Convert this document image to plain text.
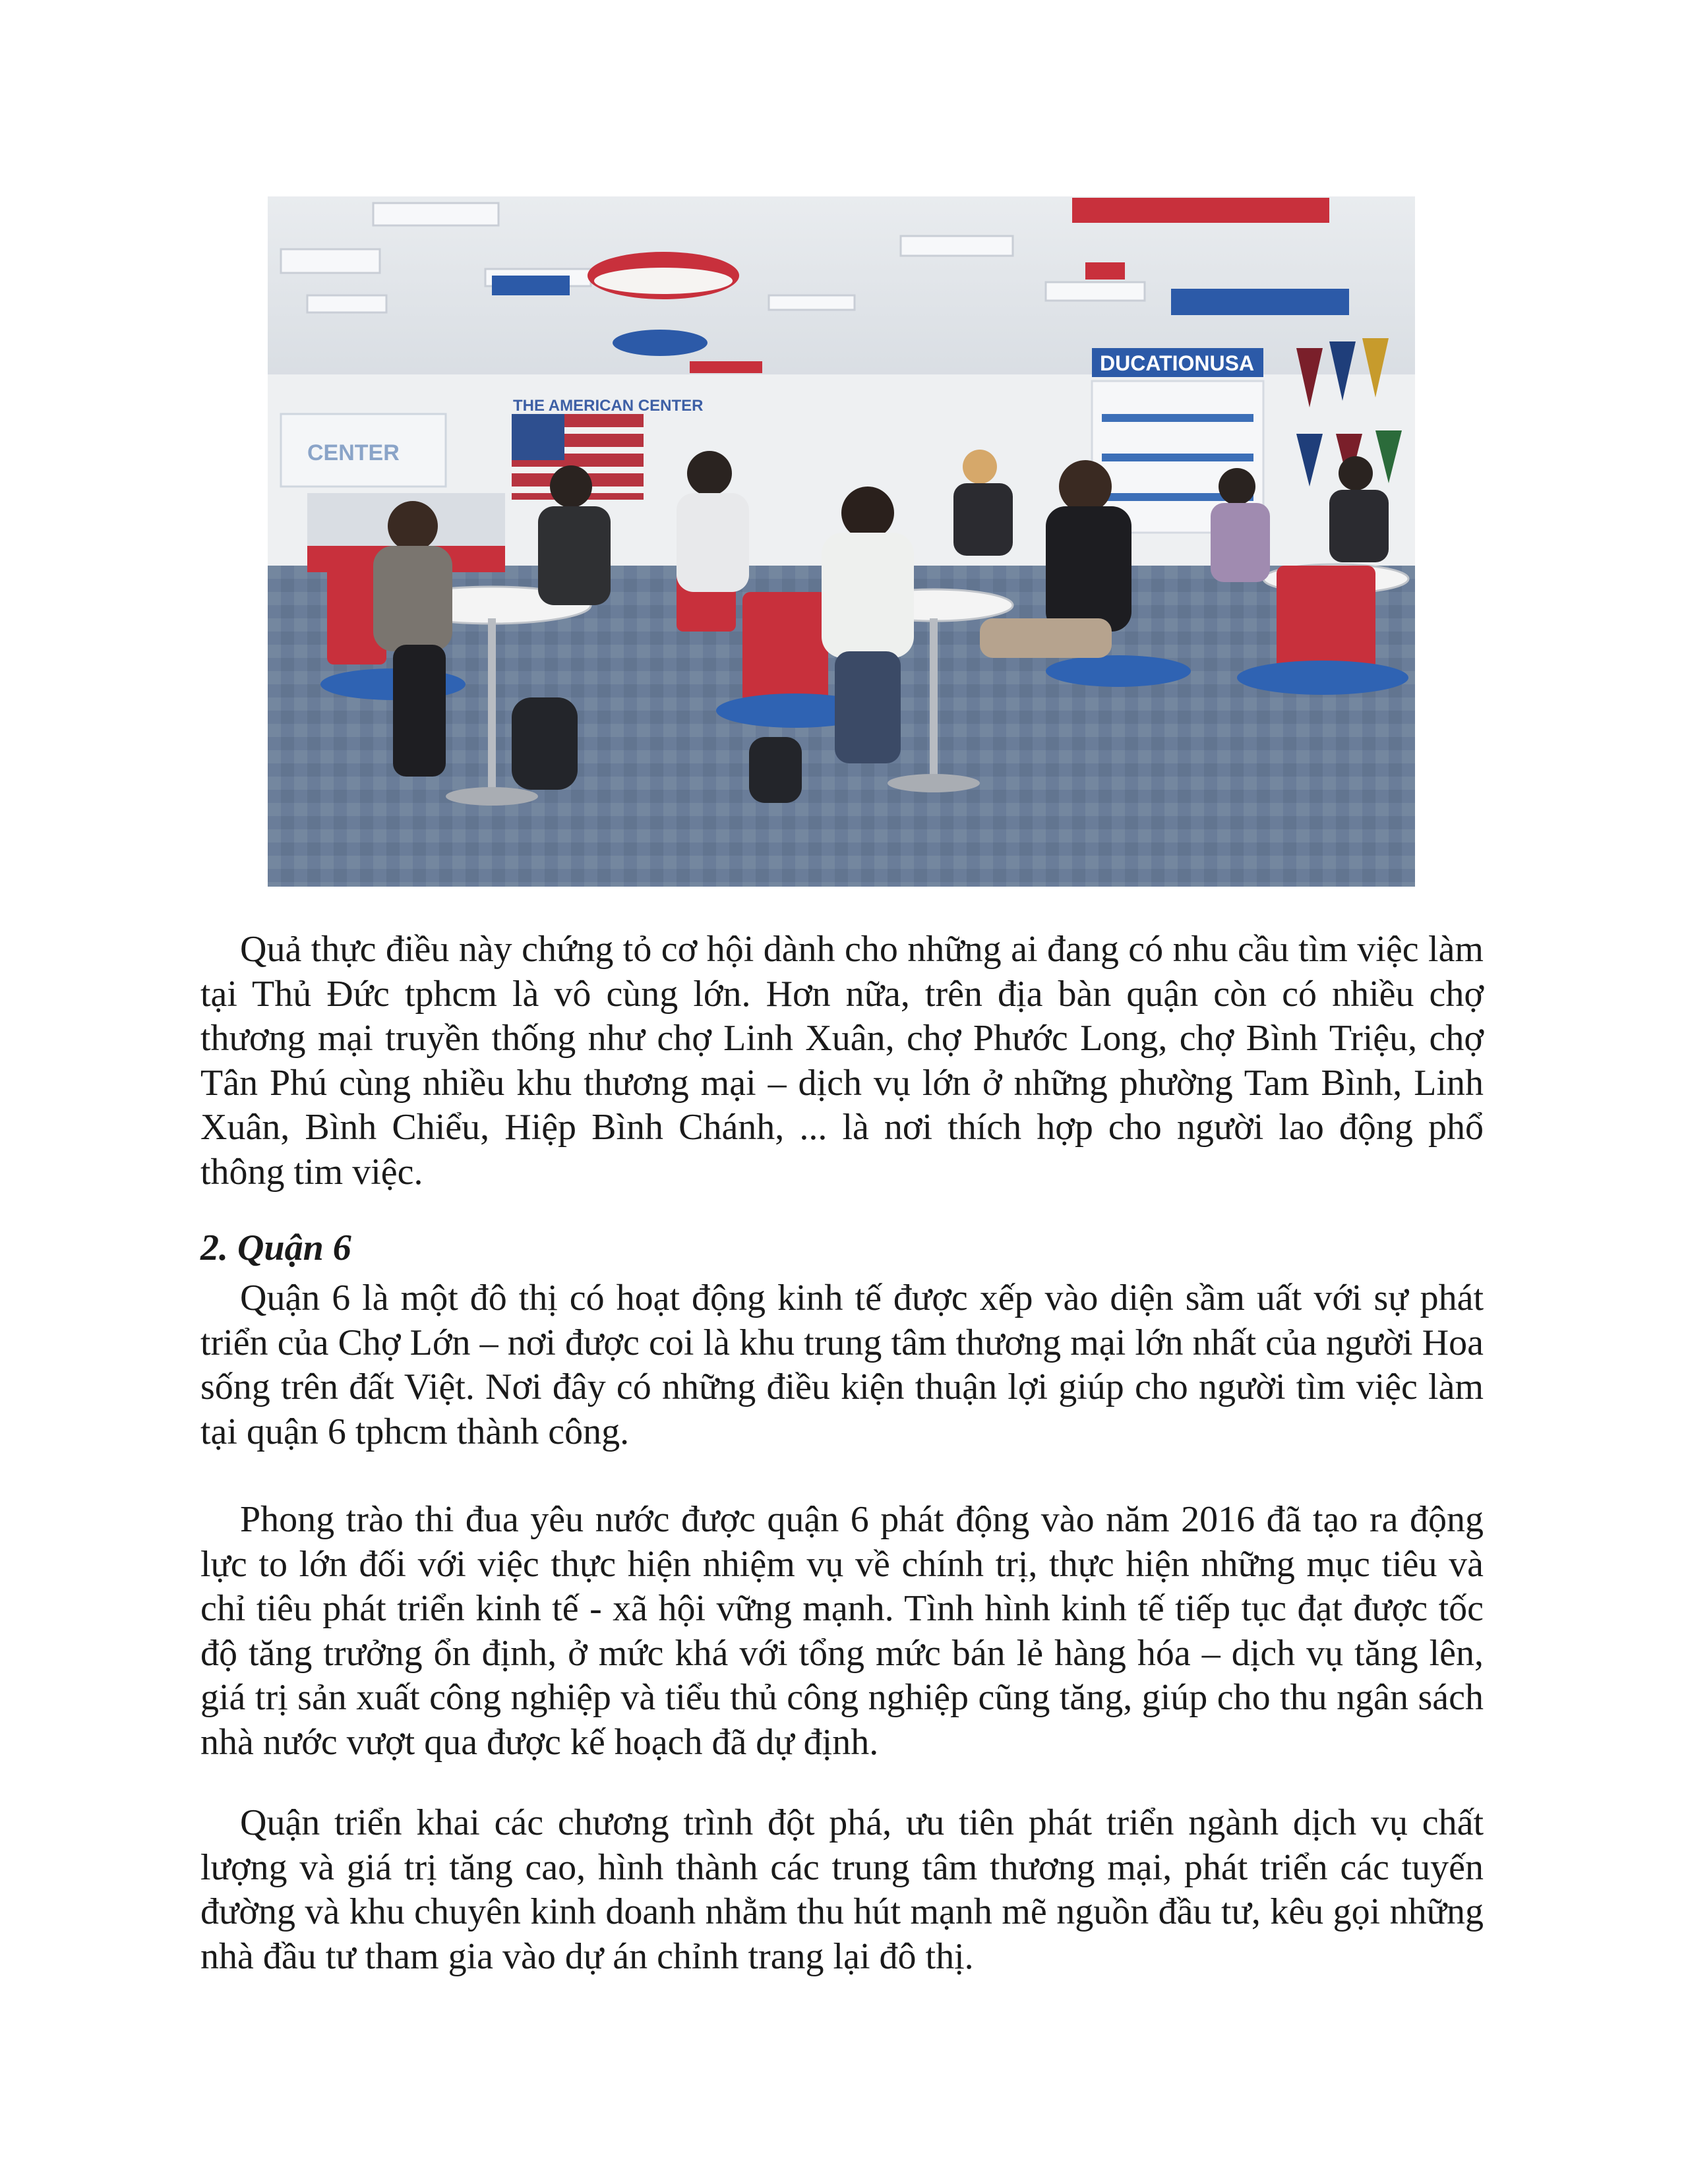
CENTER
THE AMERICAN CENTER
DUCATIONUSA

Quả thực điều này chứng tỏ cơ hội dành cho những ai đang có nhu cầu tìm việc làm tại Thủ Đức tphcm là vô cùng lớn. Hơn nữa, trên địa bàn quận còn có nhiều chợ thương mại truyền thống như chợ Linh Xuân, chợ Phước Long, chợ Bình Triệu, chợ Tân Phú cùng nhiều khu thương mại – dịch vụ lớn ở những phường Tam Bình, Linh Xuân, Bình Chiểu, Hiệp Bình Chánh, ... là nơi thích hợp cho người lao động phổ thông tim việc.

2. Quận 6

Quận 6 là một đô thị có hoạt động kinh tế được xếp vào diện sầm uất với sự phát triển của Chợ Lớn – nơi được coi là khu trung tâm thương mại lớn nhất của người Hoa sống trên đất Việt. Nơi đây có những điều kiện thuận lợi giúp cho người tìm việc làm tại quận 6 tphcm thành công.

Phong trào thi đua yêu nước được quận 6 phát động vào năm 2016 đã tạo ra động lực to lớn đối với việc thực hiện nhiệm vụ về chính trị, thực hiện những mục tiêu và chỉ tiêu phát triển kinh tế - xã hội vững mạnh. Tình hình kinh tế tiếp tục đạt được tốc độ tăng trưởng ổn định, ở mức khá với tổng mức bán lẻ hàng hóa – dịch vụ tăng lên, giá trị sản xuất công nghiệp và tiểu thủ công nghiệp cũng tăng, giúp cho thu ngân sách nhà nước vượt qua được kế hoạch đã dự định.

Quận triển khai các chương trình đột phá, ưu tiên phát triển ngành dịch vụ chất lượng và giá trị tăng cao, hình thành các trung tâm thương mại, phát triển các tuyến đường và khu chuyên kinh doanh nhằm thu hút mạnh mẽ nguồn đầu tư, kêu gọi những nhà đầu tư tham gia vào dự án chỉnh trang lại đô thị.
